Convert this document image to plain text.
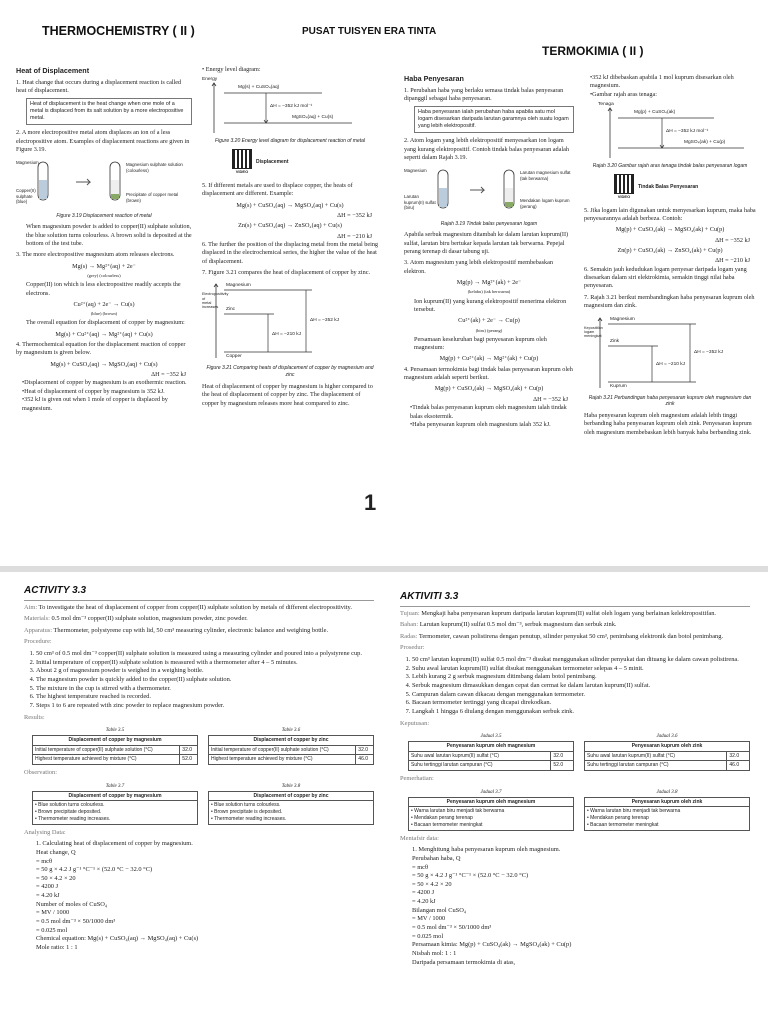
THERMOCHEMISTRY ( II )	PUSAT TUISYEN ERA TINTA
TERMOKIMIA ( II )
Heat of Displacement

1. Heat change that occurs during a displacement reaction is called heat of displacement.

Heat of displacement is the heat change when one mole of a metal is displaced from its salt solution by a more electropositive metal.

2. A more electropositive metal atom displaces an ion of a less electropositive atom. Examples of displacement reactions are given in Figure 3.19.

Magnesium
Copper(II) sulphate (blue)
Magnesium sulphate solution (colourless)
Precipitate of copper metal (brown)
Figure 3.19 Displacement reaction of metal

When magnesium powder is added to copper(II) sulphate solution, the blue solution turns colourless. A brown solid is deposited at the bottom of the test tube.

3. The more electropositive magnesium atom releases electrons.

Mg(s) → Mg²⁺(aq) + 2e⁻
(grey) (colourless)

Copper(II) ion which is less electropositive readily accepts the electrons.

Cu²⁺(aq) + 2e⁻ → Cu(s)
(blue) (brown)

The overall equation for displacement of copper by magnesium:

Mg(s) + Cu²⁺(aq) → Mg²⁺(aq) + Cu(s)

4. Thermochemical equation for the displacement reaction of copper by magnesium is given below.

Mg(s) + CuSO₄(aq) → MgSO₄(aq) + Cu(s)
ΔH = −352 kJ
• Displacement of copper by magnesium is an exothermic reaction.
• Heat of displacement of copper by magnesium is 352 kJ.
• 352 kJ is given out when 1 mole of copper is displaced by magnesium.

• Energy level diagram:

Energy
Mg(s) + CuSO₄(aq)
ΔH = −352 kJ mol⁻¹
MgSO₄(aq) + Cu(s)
Figure 3.20 Energy level diagram for displacement reaction of metal

VIDEO
Displacement

5. If different metals are used to displace copper, the heats of displacement are different. Example:

Mg(s) + CuSO₄(aq) → MgSO₄(aq) + Cu(s)
ΔH = −352 kJ
Zn(s) + CuSO₄(aq) → ZnSO₄(aq) + Cu(s)
ΔH = −210 kJ

6. The further the position of the displacing metal from the metal being displaced in the electrochemical series, the higher the value of the heat of displacement.

7. Figure 3.21 compares the heat of displacement of copper by zinc.

Electropositivity of metal increases
Magnesium
Zinc
Copper
ΔH = −352 kJ
ΔH = −210 kJ
Figure 3.21 Comparing heats of displacement of copper by magnesium and zinc

Heat of displacement of copper by magnesium is higher compared to the heat of displacement of copper by zinc. The displacement of copper by magnesium releases more heat compared to zinc.

1
Haba Penyesaran

1. Perubahan haba yang berlaku semasa tindak balas penyesaran dipanggil sebagai haba penyesaran.

Haba penyesaran ialah perubahan haba apabila satu mol logam disesarkan daripada larutan garamnya oleh suatu logam yang lebih elektropositif.

2. Atom logam yang lebih elektropositif menyesarkan ion logam yang kurang elektropositif. Contoh tindak balas penyesaran adalah seperti dalam Rajah 3.19.

Magnesium
Larutan kuprum(II) sulfat (biru)
Larutan magnesium sulfat (tak berwarna)
Mendakan logam kuprum (perang)
Rajah 3.19 Tindak balas penyesaran logam

Apabila serbuk magnesium ditambah ke dalam larutan kuprum(II) sulfat, larutan biru bertukar kepada larutan tak berwarna. Pepejal perang terenap di dasar tabung uji.

3. Atom magnesium yang lebih elektropositif membebaskan elektron.

Mg(p) → Mg²⁺(ak) + 2e⁻
(kelabu) (tak berwarna)

Ion kuprum(II) yang kurang elektropositif menerima elektron tersebut.

Cu²⁺(ak) + 2e⁻ → Cu(p)
(biru) (perang)

Persamaan keseluruhan bagi penyesaran kuprum oleh magnesium:

Mg(p) + Cu²⁺(ak) → Mg²⁺(ak) + Cu(p)

4. Persamaan termokimia bagi tindak balas penyesaran kuprum oleh magnesium adalah seperti berikut.

Mg(p) + CuSO₄(ak) → MgSO₄(ak) + Cu(p)
ΔH = −352 kJ
• Tindak balas penyesaran kuprum oleh magnesium ialah tindak balas eksotermik.
• Haba penyesaran kuprum oleh magnesium ialah 352 kJ.
• 352 kJ dibebaskan apabila 1 mol kuprum disesarkan oleh magnesium.
• Gambar rajah aras tenaga:
Tenaga
Mg(p) + CuSO₄(ak)
ΔH = −352 kJ mol⁻¹
MgSO₄(ak) + Cu(p)
Rajah 3.20 Gambar rajah aras tenaga tindak balas penyesaran logam

VIDEO
Tindak Balas Penyesaran

5. Jika logam lain digunakan untuk menyesarkan kuprum, maka haba penyesarannya adalah berbeza. Contoh:

Mg(p) + CuSO₄(ak) → MgSO₄(ak) + Cu(p)
ΔH = −352 kJ
Zn(p) + CuSO₄(ak) → ZnSO₄(ak) + Cu(p)
ΔH = −210 kJ

6. Semakin jauh kedudukan logam penyesar daripada logam yang disesarkan dalam siri elektrokimia, semakin tinggi nilai haba penyesaran.

7. Rajah 3.21 berikut membandingkan haba penyesaran kuprum oleh magnesium dan zink.

Kepositifan logam meningkat
Magnesium
Zink
Kuprum
ΔH = −352 kJ
ΔH = −210 kJ
Rajah 3.21 Perbandingan haba penyesaran kuprum oleh magnesium dan zink

Haba penyesaran kuprum oleh magnesium adalah lebih tinggi berbanding haba penyesaran kuprum oleh zink. Penyesaran kuprum oleh magnesium membebaskan lebih banyak haba berbanding zink.

ACTIVITY 3.3

Aim: To investigate the heat of displacement of copper from copper(II) sulphate solution by metals of different electropositivity.

Materials: 0.5 mol dm⁻³ copper(II) sulphate solution, magnesium powder, zinc powder.

Apparatus: Thermometer, polystyrene cup with lid, 50 cm³ measuring cylinder, electronic balance and weighing bottle.

Procedure:

1. 50 cm³ of 0.5 mol dm⁻³ copper(II) sulphate solution is measured using a measuring cylinder and poured into a polystyrene cup.
2. Initial temperature of copper(II) sulphate solution is measured with a thermometer after 4 – 5 minutes.
3. About 2 g of magnesium powder is weighed in a weighing bottle.
4. The magnesium powder is quickly added to the copper(II) sulphate solution.
5. The mixture in the cup is stirred with a thermometer.
6. The highest temperature reached is recorded.
7. Steps 1 to 6 are repeated with zinc powder to replace magnesium powder.

Results:

Table 3.5
Displacement of copper by magnesium	
Initial temperature of copper(II) sulphate solution (°C)	32.0
Highest temperature achieved by mixture (°C)	52.0
Table 3.6
Displacement of copper by zinc	
Initial temperature of copper(II) sulphate solution (°C)	32.0
Highest temperature achieved by mixture (°C)	46.0

Observation:

Table 3.7
Displacement of copper by magnesium
• Blue solution turns colourless.
• Brown precipitate deposited.
• Thermometer reading increases.
Table 3.8
Displacement of copper by zinc
• Blue solution turns colourless.
• Brown precipitate is deposited.
• Thermometer reading increases.

Analysing Data:

1. Calculating heat of displacement of copper by magnesium.
Heat change, Q
= mcθ
= 50 g × 4.2 J g⁻¹ °C⁻¹ × (52.0 °C − 32.0 °C)
= 50 × 4.2 × 20
= 4200 J
= 4.20 kJ
Number of moles of CuSO₄
= MV / 1000
= 0.5 mol dm⁻³ × 50/1000 dm³
= 0.025 mol
Chemical equation: Mg(s) + CuSO₄(aq) → MgSO₄(aq) + Cu(s)
Mole ratio: 1 : 1
AKTIVITI 3.3

Tujuan: Mengkaji haba penyesaran kuprum daripada larutan kuprum(II) sulfat oleh logam yang berlainan kelektropositifan.

Bahan: Larutan kuprum(II) sulfat 0.5 mol dm⁻³, serbuk magnesium dan serbuk zink.

Radas: Termometer, cawan polistirena dengan penutup, silinder penyukat 50 cm³, penimbang elektronik dan botol penimbang.

Prosedur:

1. 50 cm³ larutan kuprum(II) sulfat 0.5 mol dm⁻³ disukat menggunakan silinder penyukat dan dituang ke dalam cawan polistirena.
2. Suhu awal larutan kuprum(II) sulfat disukat menggunakan termometer selepas 4 – 5 minit.
3. Lebih kurang 2 g serbuk magnesium ditimbang dalam botol penimbang.
4. Serbuk magnesium dimasukkan dengan cepat dan cermat ke dalam larutan kuprum(II) sulfat.
5. Campuran dalam cawan dikacau dengan menggunakan termometer.
6. Bacaan termometer tertinggi yang dicapai direkodkan.
7. Langkah 1 hingga 6 diulang dengan menggunakan serbuk zink.

Keputusan:

Jadual 3.5
Penyesaran kuprum oleh magnesium	
Suhu awal larutan kuprum(II) sulfat (°C)	32.0
Suhu tertinggi larutan campuran (°C)	52.0
Jadual 3.6
Penyesaran kuprum oleh zink	
Suhu awal larutan kuprum(II) sulfat (°C)	32.0
Suhu tertinggi larutan campuran (°C)	46.0

Pemerhatian:

Jadual 3.7
Penyesaran kuprum oleh magnesium
• Warna larutan biru menjadi tak berwarna
• Mendakan perang terenap
• Bacaan termometer meningkat
Jadual 3.8
Penyesaran kuprum oleh zink
• Warna larutan biru menjadi tak berwarna
• Mendakan perang terenap
• Bacaan termometer meningkat

Mentafsir data:

1. Menghitung haba penyesaran kuprum oleh magnesium.
Perubahan haba, Q
= mcθ
= 50 g × 4.2 J g⁻¹ °C⁻¹ × (52.0 °C − 32.0 °C)
= 50 × 4.2 × 20
= 4200 J
= 4.20 kJ
Bilangan mol CuSO₄
= MV / 1000
= 0.5 mol dm⁻³ × 50/1000 dm³
= 0.025 mol
Persamaan kimia: Mg(p) + CuSO₄(ak) → MgSO₄(ak) + Cu(p)
Nisbah mol: 1 : 1
Daripada persamaan termokimia di atas,
